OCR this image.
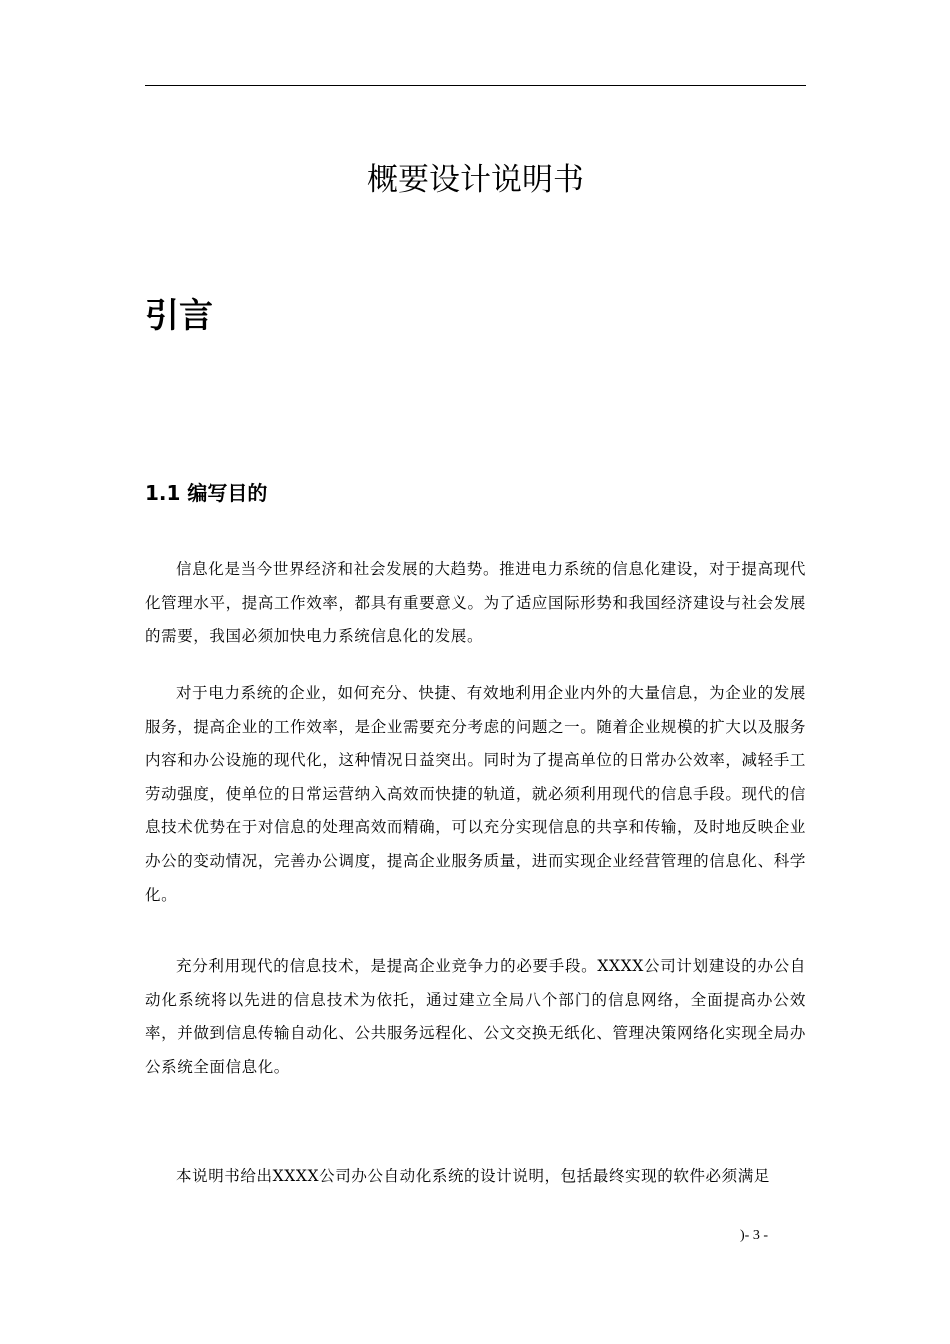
概要设计说明书
引言
1.1 编写目的

信息化是当今世界经济和社会发展的大趋势。推进电力系统的信息化建设，对于提高现代化管理水平，提高工作效率，都具有重要意义。为了适应国际形势和我国经济建设与社会发展的需要，我国必须加快电力系统信息化的发展。

对于电力系统的企业，如何充分、快捷、有效地利用企业内外的大量信息，为企业的发展服务，提高企业的工作效率，是企业需要充分考虑的问题之一。随着企业规模的扩大以及服务内容和办公设施的现代化，这种情况日益突出。同时为了提高单位的日常办公效率，减轻手工劳动强度，使单位的日常运营纳入高效而快捷的轨道，就必须利用现代的信息手段。现代的信息技术优势在于对信息的处理高效而精确，可以充分实现信息的共享和传输，及时地反映企业办公的变动情况，完善办公调度，提高企业服务质量，进而实现企业经营管理的信息化、科学化。

充分利用现代的信息技术，是提高企业竞争力的必要手段。XXXX公司计划建设的办公自动化系统将以先进的信息技术为依托，通过建立全局八个部门的信息网络，全面提高办公效率，并做到信息传输自动化、公共服务远程化、公文交换无纸化、管理决策网络化实现全局办公系统全面信息化。

本说明书给出XXXX公司办公自动化系统的设计说明，包括最终实现的软件必须满足

)- 3 -
